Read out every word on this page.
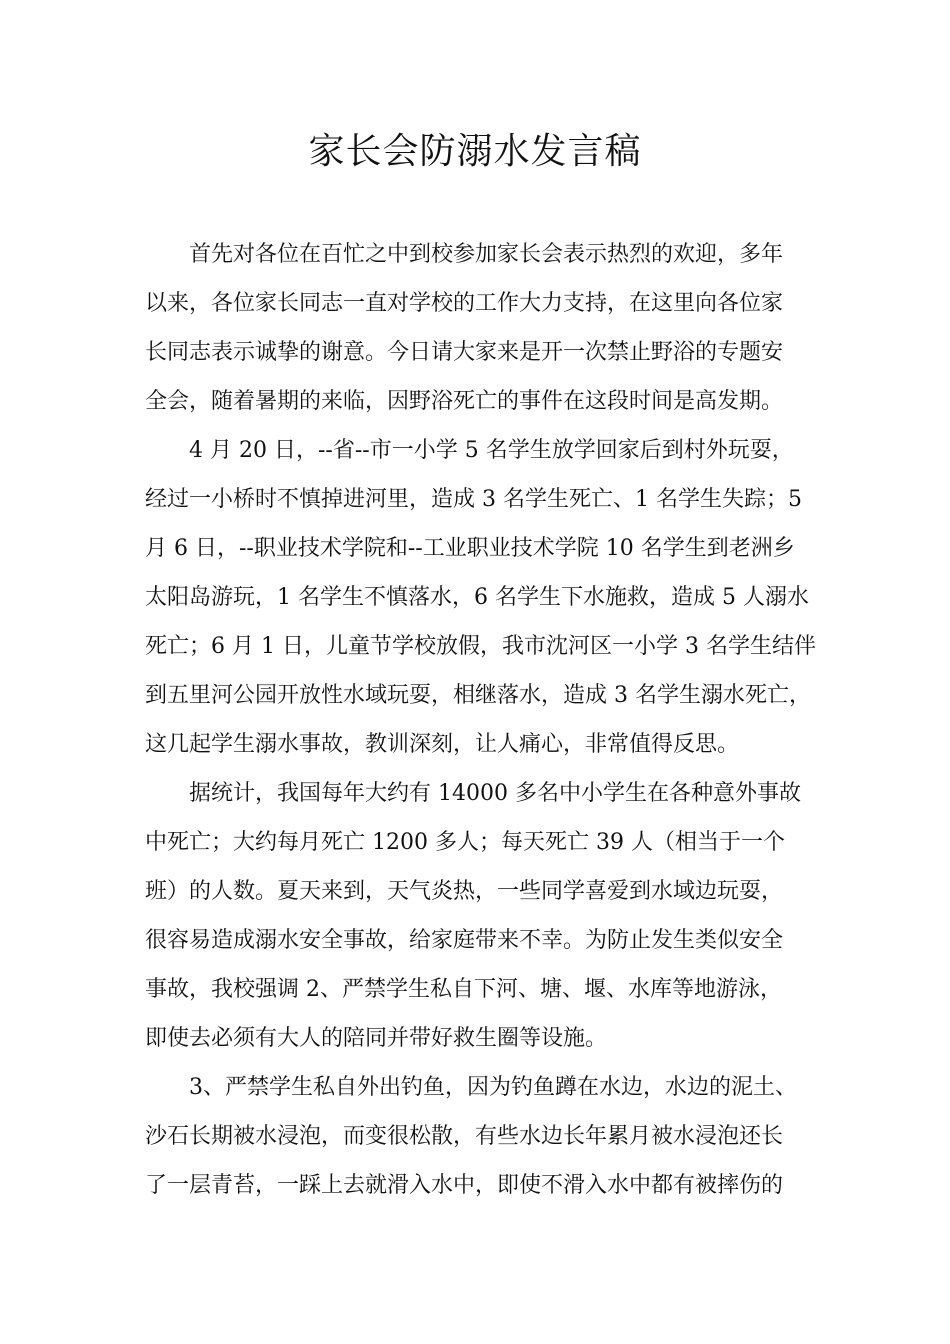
家长会防溺水发言稿
首先对各位在百忙之中到校参加家长会表示热烈的欢迎，多年
以来，各位家长同志一直对学校的工作大力支持，在这里向各位家
长同志表示诚挚的谢意。今日请大家来是开一次禁止野浴的专题安
全会，随着暑期的来临，因野浴死亡的事件在这段时间是高发期。
4 月 20 日，--省--市一小学 5 名学生放学回家后到村外玩耍，
经过一小桥时不慎掉进河里，造成 3 名学生死亡、1 名学生失踪；5
月 6 日，--职业技术学院和--工业职业技术学院 10 名学生到老洲乡
太阳岛游玩，1 名学生不慎落水，6 名学生下水施救，造成 5 人溺水
死亡；6 月 1 日，儿童节学校放假，我市沈河区一小学 3 名学生结伴
到五里河公园开放性水域玩耍，相继落水，造成 3 名学生溺水死亡，
这几起学生溺水事故，教训深刻，让人痛心，非常值得反思。
据统计，我国每年大约有 14000 多名中小学生在各种意外事故
中死亡；大约每月死亡 1200 多人；每天死亡 39 人（相当于一个
班）的人数。夏天来到，天气炎热，一些同学喜爱到水域边玩耍，
很容易造成溺水安全事故，给家庭带来不幸。为防止发生类似安全
事故，我校强调 2、严禁学生私自下河、塘、堰、水库等地游泳，
即使去必须有大人的陪同并带好救生圈等设施。
3、严禁学生私自外出钓鱼，因为钓鱼蹲在水边，水边的泥土、
沙石长期被水浸泡，而变很松散，有些水边长年累月被水浸泡还长
了一层青苔，一踩上去就滑入水中，即使不滑入水中都有被摔伤的
